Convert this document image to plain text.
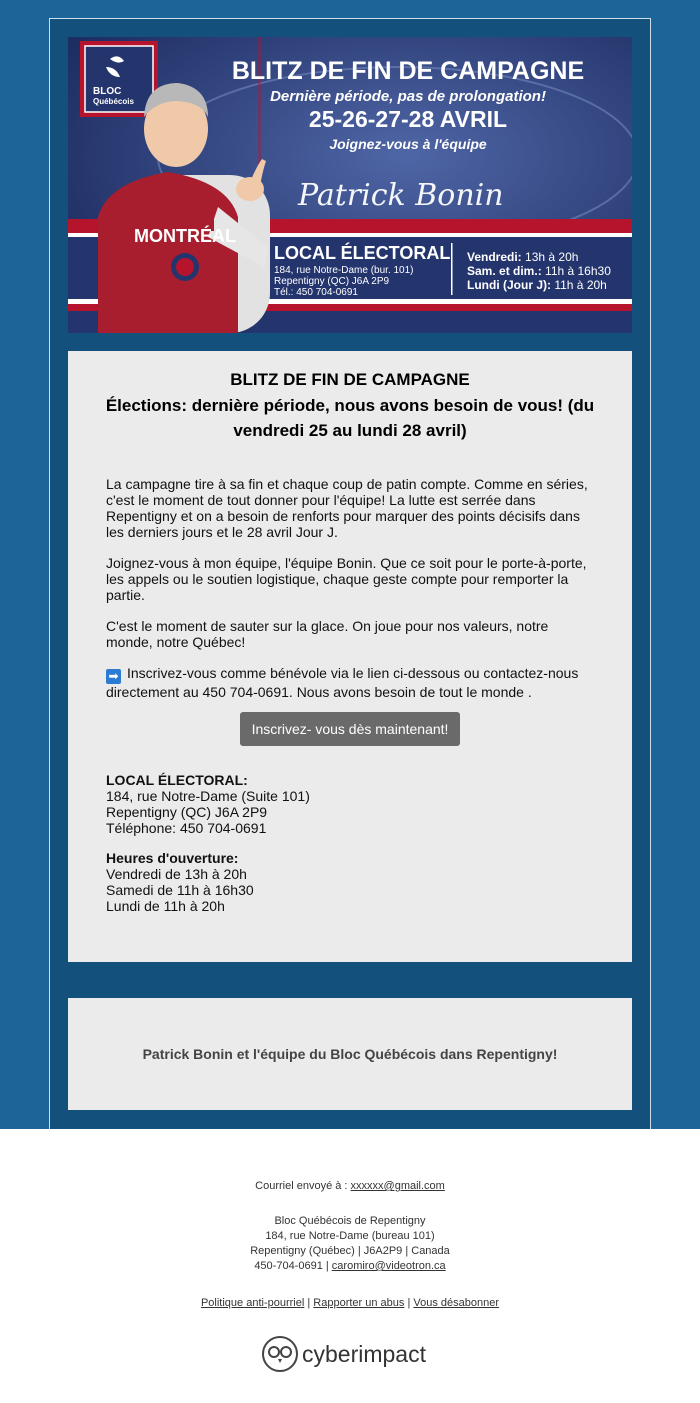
BLOC
Québécois
BLITZ DE FIN DE CAMPAGNE
Dernière période, pas de prolongation!
25-26-27-28 AVRIL
Joignez-vous à l'équipe
Patrick Bonin
MONTRÉAL
LOCAL ÉLECTORAL
184, rue Notre-Dame (bur. 101)
Repentigny (QC) J6A 2P9
Tél.: 450 704-0691
Vendredi: 13h à 20h
Sam. et dim.: 11h à 16h30
Lundi (Jour J): 11h à 20h
BLITZ DE FIN DE CAMPAGNE
Élections: dernière période, nous avons besoin de vous! (du vendredi 25 au lundi 28 avril)

La campagne tire à sa fin et chaque coup de patin compte. Comme en séries, c'est le moment de tout donner pour l'équipe! La lutte est serrée dans Repentigny et on a besoin de renforts pour marquer des points décisifs dans les derniers jours et le 28 avril Jour J.

Joignez-vous à mon équipe, l'équipe Bonin. Que ce soit pour le porte-à-porte, les appels ou le soutien logistique, chaque geste compte pour remporter la partie.

C'est le moment de sauter sur la glace. On joue pour nos valeurs, notre monde, notre Québec!

➡ Inscrivez-vous comme bénévole via le lien ci-dessous ou contactez-nous directement au 450 704-0691. Nous avons besoin de tout le monde .

Inscrivez- vous dès maintenant!
LOCAL ÉLECTORAL:
184, rue Notre-Dame (Suite 101)
Repentigny (QC) J6A 2P9
Téléphone: 450 704-0691
Heures d'ouverture:
Vendredi de 13h à 20h
Samedi de 11h à 16h30
Lundi de 11h à 20h
Patrick Bonin et l'équipe du Bloc Québécois dans Repentigny!
Courriel envoyé à : xxxxxx@gmail.com
Bloc Québécois de Repentigny
184, rue Notre-Dame (bureau 101)
Repentigny (Québec) | J6A2P9 | Canada
450-704-0691 | caromiro@videotron.ca
Politique anti-pourriel | Rapporter un abus | Vous désabonner
cyberimpact
